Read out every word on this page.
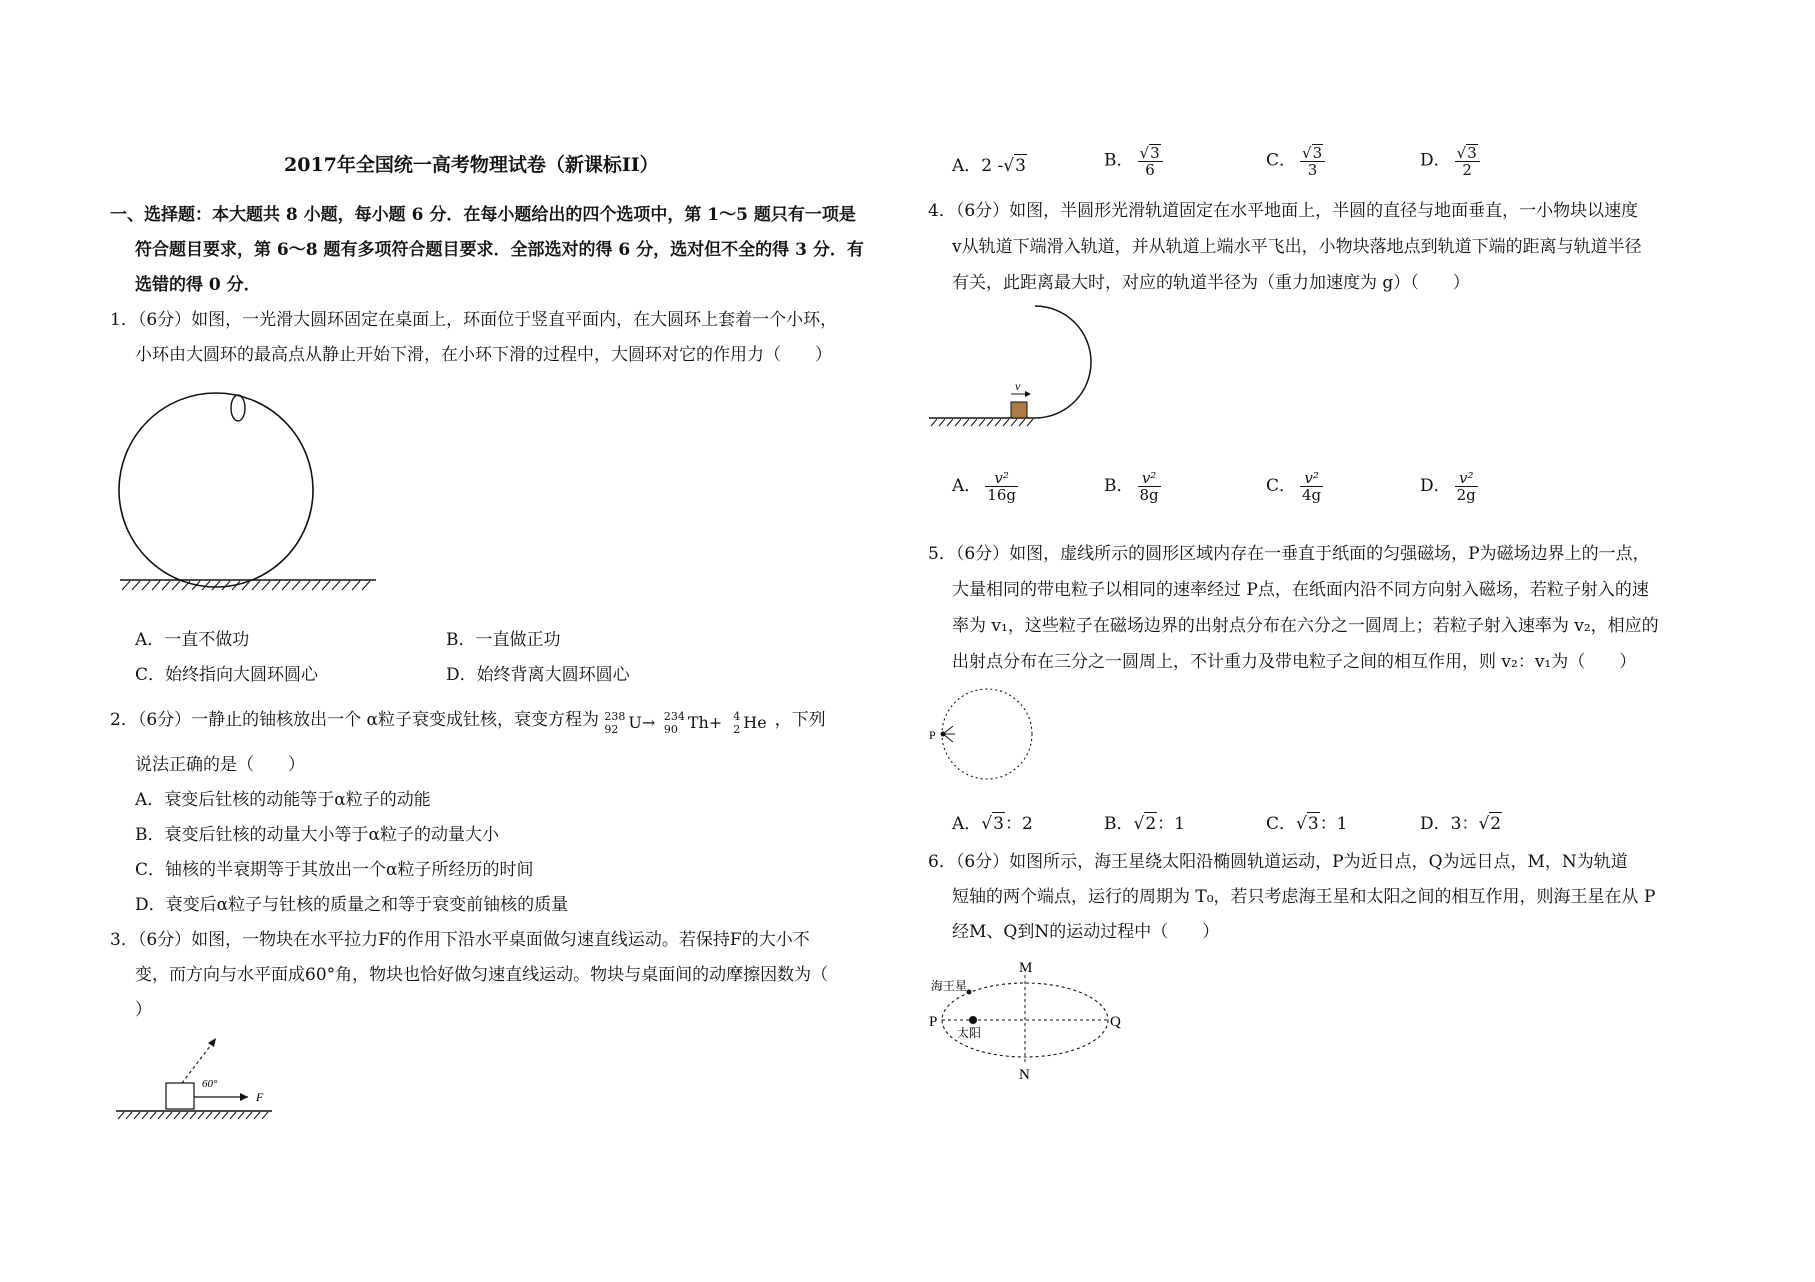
2017年全国统一高考物理试卷（新课标II）
一、选择题：本大题共 8 小题，每小题 6 分．在每小题给出的四个选项中，第 1～5 题只有一项是
符合题目要求，第 6～8 题有多项符合题目要求．全部选对的得 6 分，选对但不全的得 3 分．有
选错的得 0 分．
1．（6分）如图，一光滑大圆环固定在桌面上，环面位于竖直平面内，在大圆环上套着一个小环，
小环由大圆环的最高点从静止开始下滑，在小环下滑的过程中，大圆环对它的作用力（　　）
A．一直不做功	B．一直做正功
C．始终指向大圆环圆心	D．始终背离大圆环圆心
2．（6分）一静止的铀核放出一个 α粒子衰变成钍核，衰变方程为 238
92 U→
234
90 Th+
4
2 He ，下列
说法正确的是（　　）
A．衰变后钍核的动能等于α粒子的动能
B．衰变后钍核的动量大小等于α粒子的动量大小
C．铀核的半衰期等于其放出一个α粒子所经历的时间
D．衰变后α粒子与钍核的质量之和等于衰变前铀核的质量
3．（6分）如图，一物块在水平拉力F的作用下沿水平桌面做匀速直线运动。若保持F的大小不
变，而方向与水平面成60°角，物块也恰好做匀速直线运动。物块与桌面间的动摩擦因数为（
）
60°
F
A．2 -√3	B． $\frac{√3}{6}$	C． $\frac{√3}{3}$	D． $\frac{√3}{2}$
4．（6分）如图，半圆形光滑轨道固定在水平地面上，半圆的直径与地面垂直，一小物块以速度
v从轨道下端滑入轨道，并从轨道上端水平飞出，小物块落地点到轨道下端的距离与轨道半径
有关，此距离最大时，对应的轨道半径为（重力加速度为 g）（　　）
v
A． $\frac{\text{v²}}{16g}$	B． $\frac{\text{v²}}{8g}$	C． $\frac{\text{v²}}{4g}$	D． $\frac{\text{v²}}{2g}$
5．（6分）如图，虚线所示的圆形区域内存在一垂直于纸面的匀强磁场，P为磁场边界上的一点，
大量相同的带电粒子以相同的速率经过 P点，在纸面内沿不同方向射入磁场，若粒子射入的速
率为 v₁，这些粒子在磁场边界的出射点分布在六分之一圆周上；若粒子射入速率为 v₂，相应的
出射点分布在三分之一圆周上，不计重力及带电粒子之间的相互作用，则 v₂：v₁为（　　）
P
A．√3：2	B．√2：1	C．√3：1	D．3：√2
6．（6分）如图所示，海王星绕太阳沿椭圆轨道运动，P为近日点，Q为远日点，M，N为轨道
短轴的两个端点，运行的周期为 T₀，若只考虑海王星和太阳之间的相互作用，则海王星在从 P
经M、Q到N的运动过程中（　　）
M
N
P	Q
海王星
太阳
